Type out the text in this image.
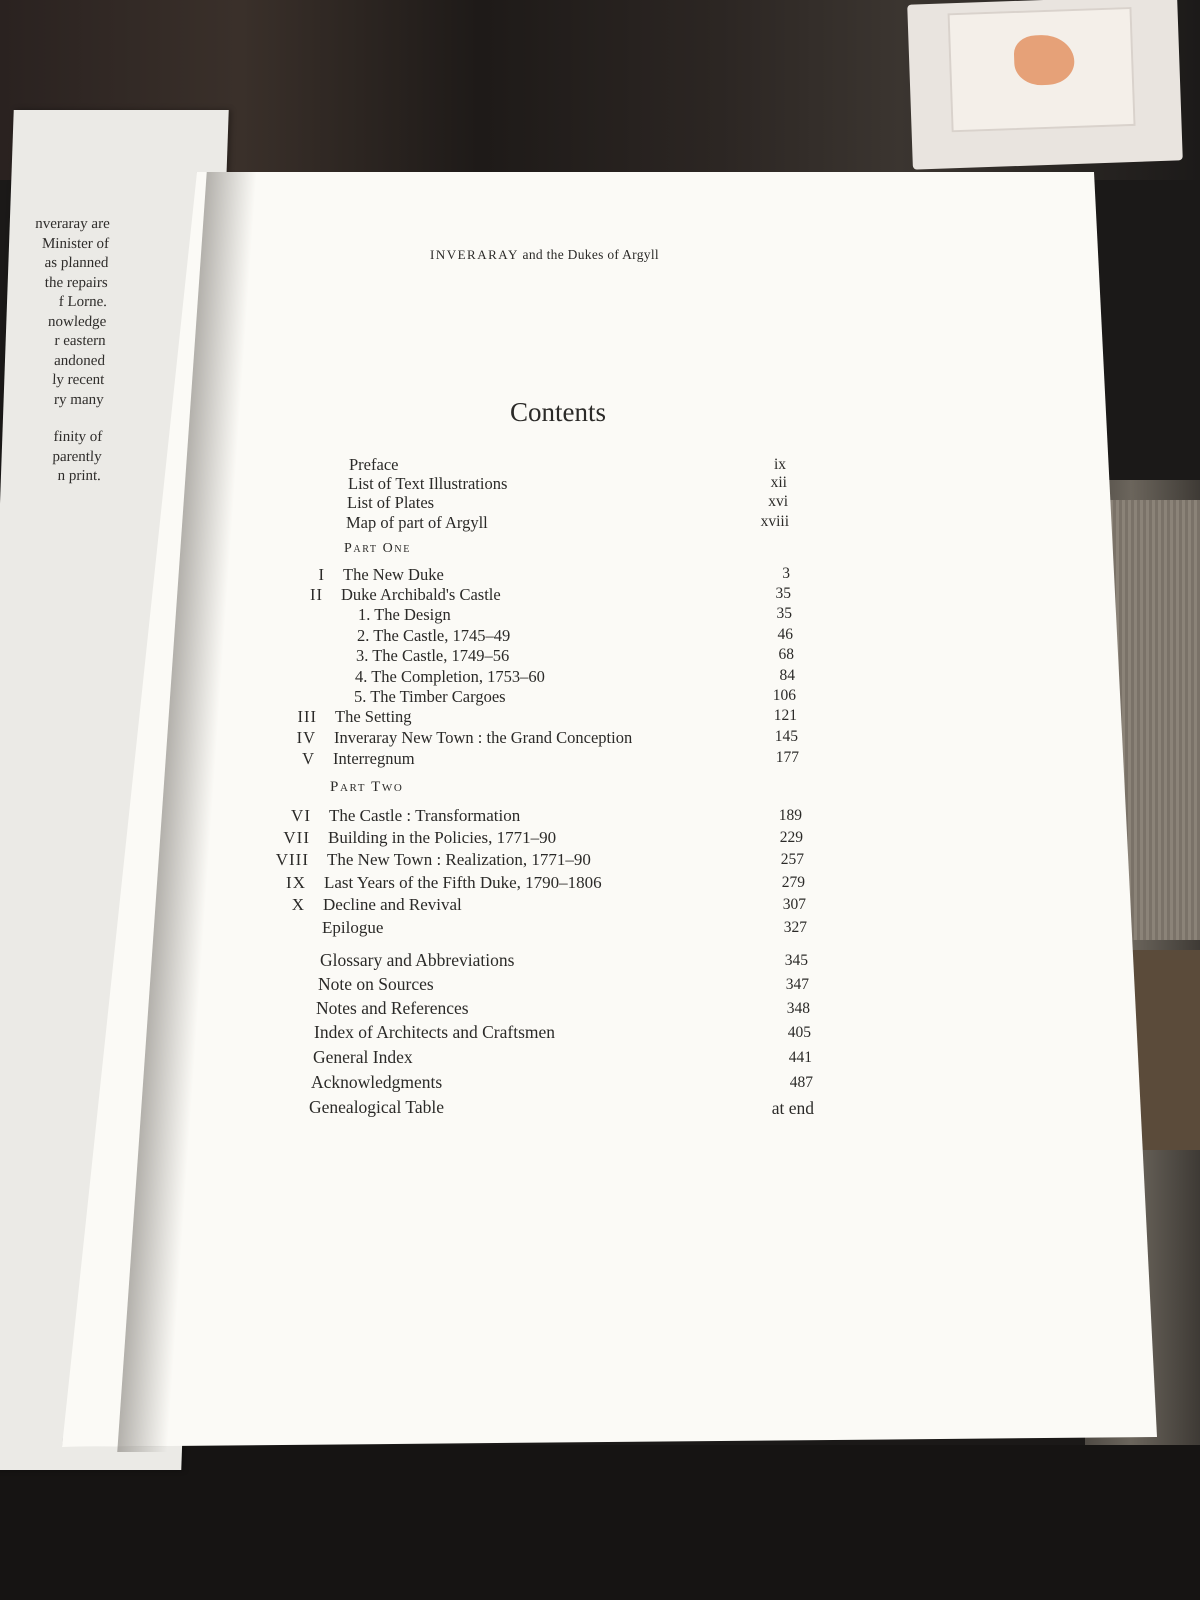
nveraray are
Minister of
as planned
the repairs
f Lorne.
nowledge
r eastern
andoned
ly recent
ry many
finity of
parently
n print.
INVERARAY and the Dukes of Argyll
Contents
Preface	ix
List of Text Illustrations	xii
List of Plates	xvi
Map of part of Argyll	xviii
Part One
I The New Duke	3
II Duke Archibald's Castle	35
1. The Design	35
2. The Castle, 1745–49	46
3. The Castle, 1749–56	68
4. The Completion, 1753–60	84
5. The Timber Cargoes	106
III The Setting	121
IV Inveraray New Town : the Grand Conception	145
V Interregnum	177
Part Two
VI The Castle : Transformation	189
VII Building in the Policies, 1771–90	229
VIII The New Town : Realization, 1771–90	257
IX Last Years of the Fifth Duke, 1790–1806	279
X Decline and Revival	307
Epilogue	327
Glossary and Abbreviations	345
Note on Sources	347
Notes and References	348
Index of Architects and Craftsmen	405
General Index	441
Acknowledgments	487
Genealogical Table	at end
